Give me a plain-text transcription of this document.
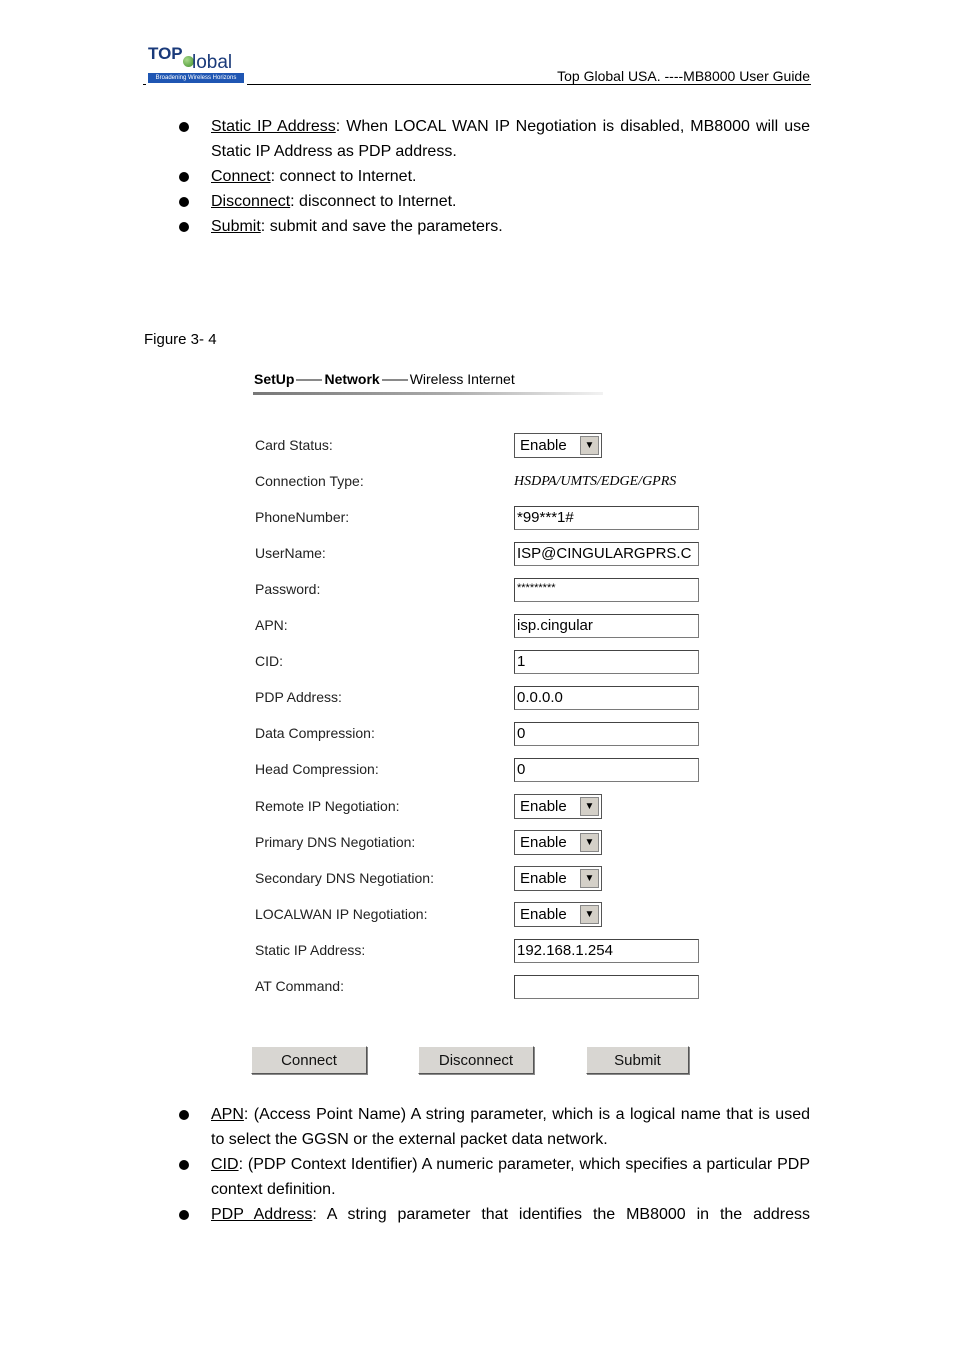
TOP lobal
Broadening Wireless Horizons	Top Global USA. ----MB8000 User Guide
Static IP Address: When LOCAL WAN IP Negotiation is disabled, MB8000 will use Static IP Address as PDP address.
Connect: connect to Internet.
Disconnect: disconnect to Internet.
Submit: submit and save the parameters.
Figure 3- 4
SetUp Network Wireless Internet
Card Status:	Enable	▼
Connection Type:	HSDPA/UMTS/EDGE/GPRS
PhoneNumber:	*99***1#
UserName:	ISP@CINGULARGPRS.C
Password:	*********
APN:	isp.cingular
CID:	1
PDP Address:	0.0.0.0
Data Compression:	0
Head Compression:	0
Remote IP Negotiation:	Enable	▼
Primary DNS Negotiation:	Enable	▼
Secondary DNS Negotiation:	Enable	▼
LOCALWAN IP Negotiation:	Enable	▼
Static IP Address:	192.168.1.254
AT Command:
Connect	Disconnect	Submit
APN: (Access Point Name) A string parameter, which is a logical name that is used to select the GGSN or the external packet data network.
CID: (PDP Context Identifier) A numeric parameter, which specifies a particular PDP context definition.
PDP Address: A string parameter that identifies the MB8000 in the address
